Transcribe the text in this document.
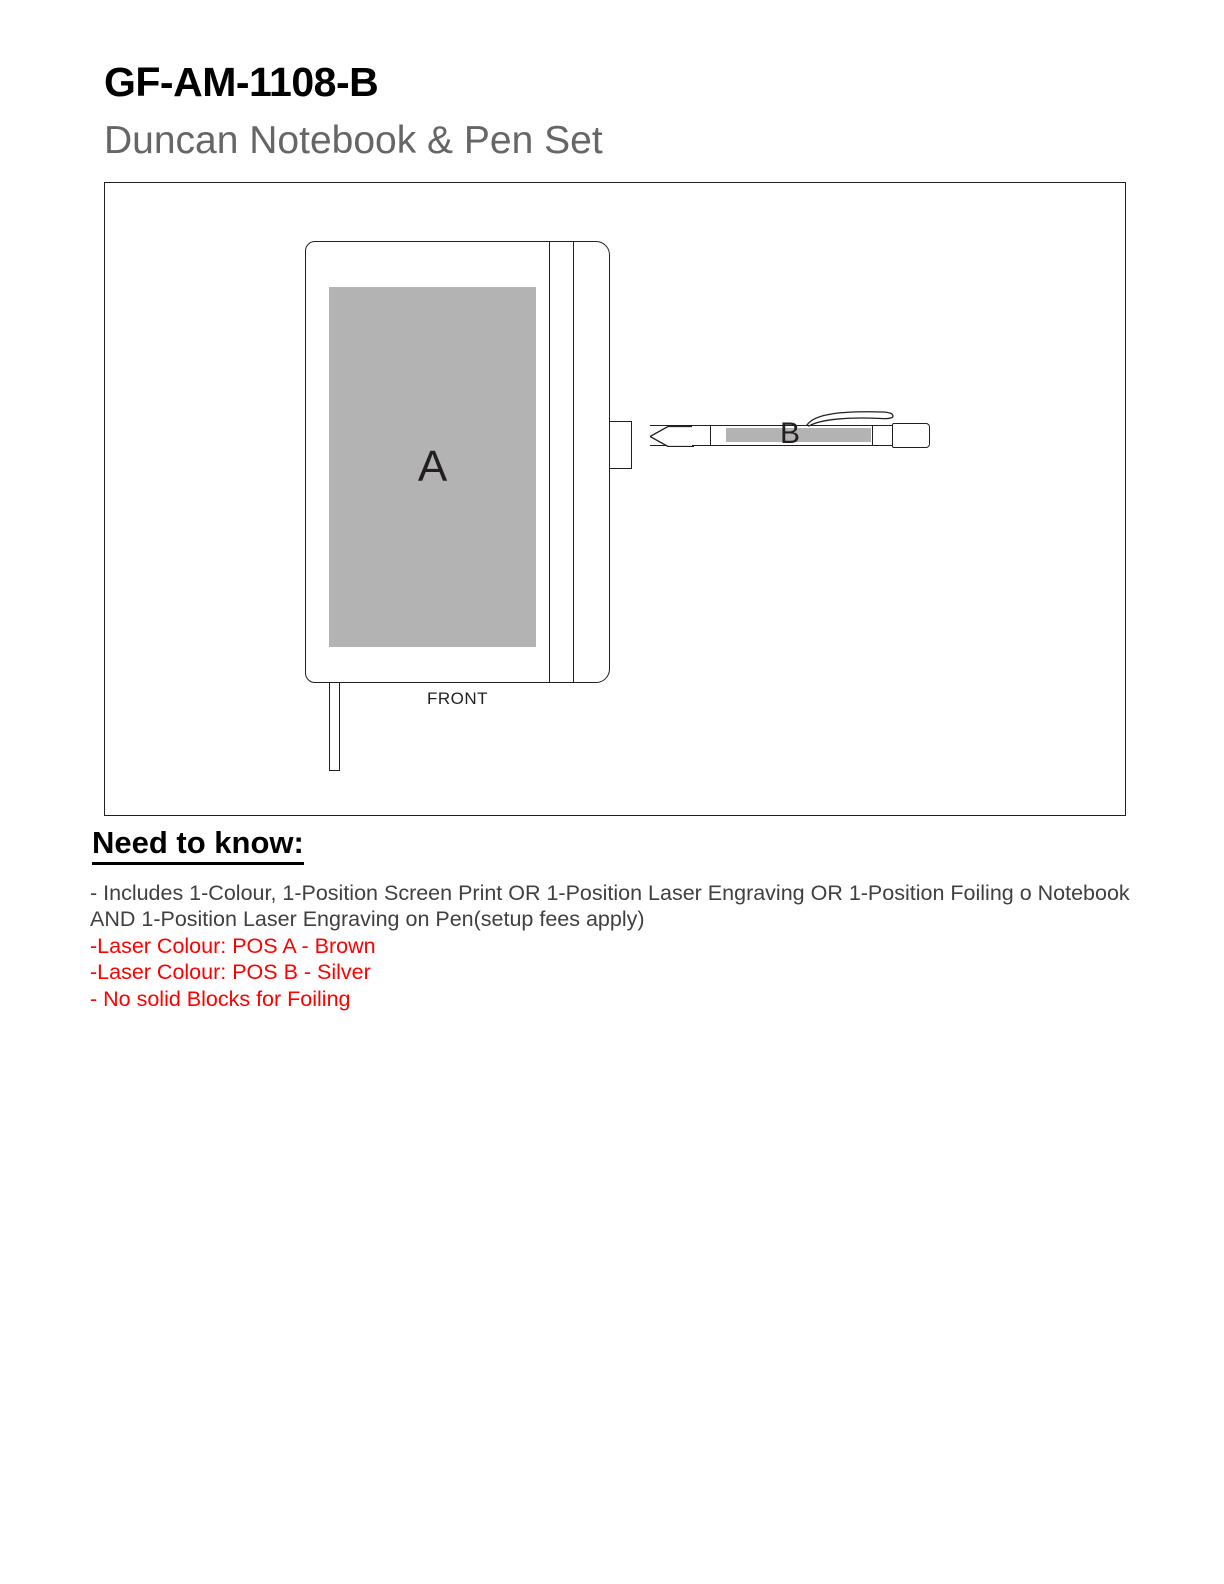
GF-AM-1108-B
Duncan Notebook & Pen Set
A
FRONT
B
Need to know:
- Includes 1-Colour, 1-Position Screen Print OR 1-Position Laser Engraving OR 1-Position Foiling o Notebook AND 1-Position Laser Engraving on Pen(setup fees apply)
-Laser Colour: POS A - Brown
-Laser Colour: POS B - Silver
- No solid Blocks for Foiling
